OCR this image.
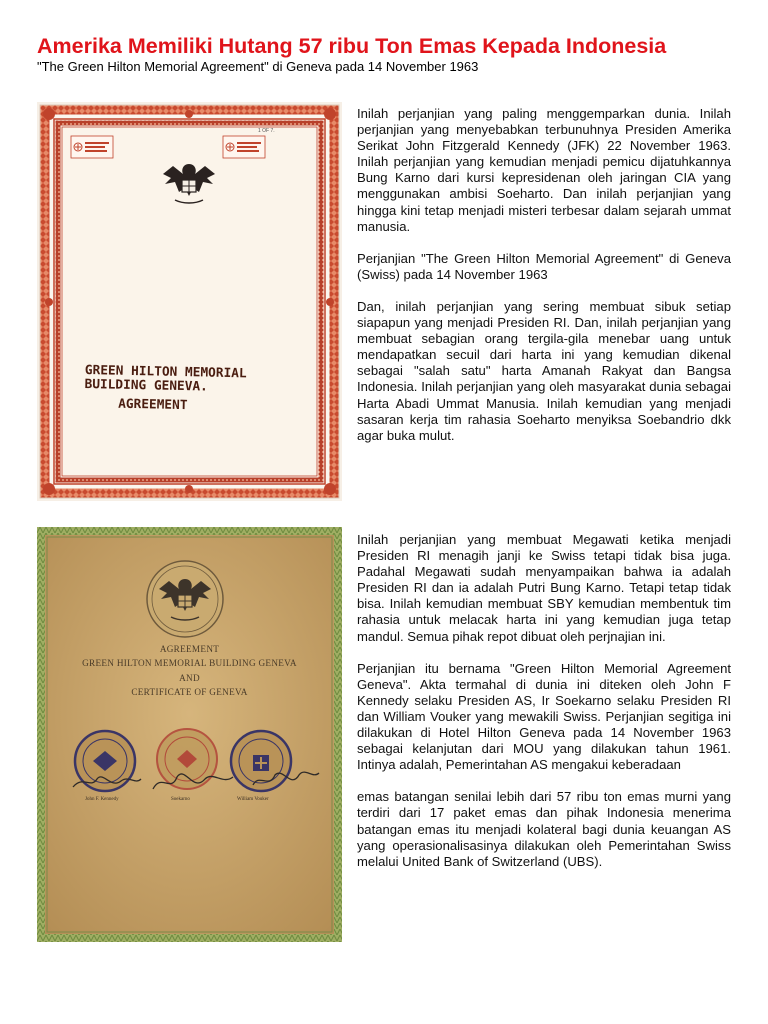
Amerika Memiliki Hutang 57 ribu Ton Emas Kepada Indonesia

"The Green Hilton Memorial Agreement" di Geneva pada 14 November 1963

1 OF 7.
GREEN HILTON MEMORIAL
BUILDING GENEVA.
AGREEMENT
AGREEMENT
GREEN HILTON MEMORIAL BUILDING GENEVA
AND
CERTIFICATE OF GENEVA
John F. Kennedy	Soekarno	William Vouker

Inilah perjanjian yang paling menggemparkan dunia. Inilah perjanjian yang menyebabkan terbunuhnya Presiden Amerika Serikat John Fitzgerald Kennedy (JFK) 22 November 1963. Inilah perjanjian yang kemudian menjadi pemicu dijatuhkannya Bung Karno dari kursi kepresidenan oleh jaringan CIA yang menggunakan ambisi Soeharto. Dan inilah perjanjian yang hingga kini tetap menjadi misteri terbesar dalam sejarah ummat manusia.

Perjanjian "The Green Hilton Memorial Agreement" di Geneva (Swiss) pada 14 November 1963

Dan, inilah perjanjian yang sering membuat sibuk setiap siapapun yang menjadi Presiden RI. Dan, inilah perjanjian yang membuat sebagian orang tergila-gila menebar uang untuk mendapatkan secuil dari harta ini yang kemudian dikenal sebagai "salah satu" harta Amanah Rakyat dan Bangsa Indonesia. Inilah perjanjian yang oleh masyarakat dunia sebagai Harta Abadi Ummat Manusia. Inilah kemudian yang menjadi sasaran kerja tim rahasia Soeharto menyiksa Soebandrio dkk agar buka mulut.

Inilah perjanjian yang membuat Megawati ketika menjadi Presiden RI menagih janji ke Swiss tetapi tidak bisa juga. Padahal Megawati sudah menyampaikan bahwa ia adalah Presiden RI dan ia adalah Putri Bung Karno. Tetapi tetap tidak bisa. Inilah kemudian membuat SBY kemudian membentuk tim rahasia untuk melacak harta ini yang kemudian juga tetap mandul. Semua pihak repot dibuat oleh perjnajian ini.

Perjanjian itu bernama "Green Hilton Memorial Agreement Geneva". Akta termahal di dunia ini diteken oleh John F Kennedy selaku Presiden AS, Ir Soekarno selaku Presiden RI dan William Vouker yang mewakili Swiss. Perjanjian segitiga ini dilakukan di Hotel Hilton Geneva pada 14 November 1963 sebagai kelanjutan dari MOU yang dilakukan tahun 1961. Intinya adalah, Pemerintahan AS mengakui keberadaan

emas batangan senilai lebih dari 57 ribu ton emas murni yang terdiri dari 17 paket emas dan pihak Indonesia menerima batangan emas itu menjadi kolateral bagi dunia keuangan AS yang operasionalisasinya dilakukan oleh Pemerintahan Swiss melalui United Bank of Switzerland (UBS).
